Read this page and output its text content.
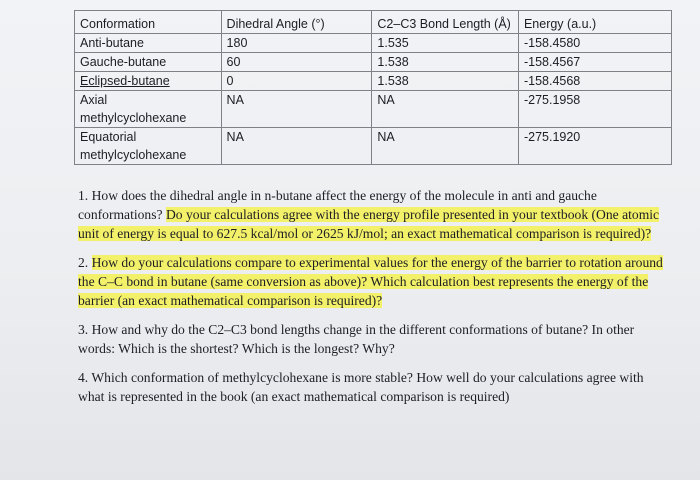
Conformation	Dihedral Angle (°)	C2–C3 Bond Length (Å)	Energy (a.u.)
Anti-butane	180	1.535	-158.4580
Gauche-butane	60	1.538	-158.4567
Eclipsed-butane	0	1.538	-158.4568
Axial methylcyclohexane	NA	NA	-275.1958
Equatorial methylcyclohexane	NA	NA	-275.1920

1. How does the dihedral angle in n-butane affect the energy of the molecule in anti and gauche conformations? Do your calculations agree with the energy profile presented in your textbook (One atomic unit of energy is equal to 627.5 kcal/mol or 2625 kJ/mol; an exact mathematical comparison is required)?

2. How do your calculations compare to experimental values for the energy of the barrier to rotation around the C–C bond in butane (same conversion as above)? Which calculation best represents the energy of the barrier (an exact mathematical comparison is required)?

3. How and why do the C2–C3 bond lengths change in the different conformations of butane? In other words: Which is the shortest? Which is the longest? Why?

4. Which conformation of methylcyclohexane is more stable? How well do your calculations agree with what is represented in the book (an exact mathematical comparison is required)
